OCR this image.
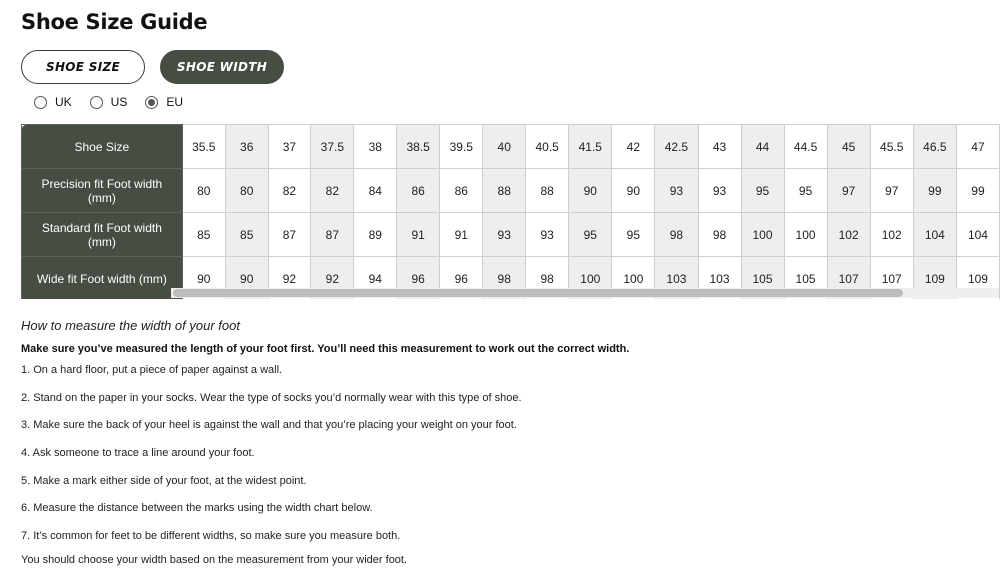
Shoe Size Guide
SHOE SIZE	SHOE WIDTH
UK	US	EU
Shoe Size	35.5	36	37	37.5	38	38.5	39.5	40	40.5	41.5	42	42.5	43	44	44.5	45	45.5	46.5	47
Precision fit Foot width (mm)	80	80	82	82	84	86	86	88	88	90	90	93	93	95	95	97	97	99	99
Standard fit Foot width (mm)	85	85	87	87	89	91	91	93	93	95	95	98	98	100	100	102	102	104	104
Wide fit Foot width (mm)	90	90	92	92	94	96	96	98	98	100	100	103	103	105	105	107	107	109	109

How to measure the width of your foot

Make sure you’ve measured the length of your foot first. You’ll need this measurement to work out the correct width.

1. On a hard floor, put a piece of paper against a wall.
2. Stand on the paper in your socks. Wear the type of socks you’d normally wear with this type of shoe.
3. Make sure the back of your heel is against the wall and that you’re placing your weight on your foot.
4. Ask someone to trace a line around your foot.
5. Make a mark either side of your foot, at the widest point.
6. Measure the distance between the marks using the width chart below.
7. It’s common for feet to be different widths, so make sure you measure both.

You should choose your width based on the measurement from your wider foot.
